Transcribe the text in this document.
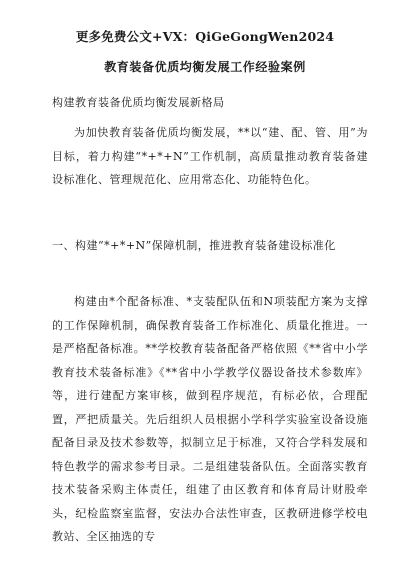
更多免费公文+VX：QiGeGongWen2024
教育装备优质均衡发展工作经验案例
构建教育装备优质均衡发展新格局
为加快教育装备优质均衡发展，**以“建、配、管、用”为目标，着力构建“*+*+N”工作机制，高质量推动教育装备建设标准化、管理规范化、应用常态化、功能特色化。
一、构建“*+*+N”保障机制，推进教育装备建设标准化
构建由*个配备标准、*支装配队伍和N项装配方案为支撑的工作保障机制，确保教育装备工作标准化、质量化推进。一是严格配备标准。**学校教育装备配备严格依照《**省中小学教育技术装备标准》《**省中小学教学仪器设备技术参数库》等，进行建配方案审核，做到程序规范，有标必依，合理配置，严把质量关。先后组织人员根据小学科学实验室设备设施配备目录及技术参数等，拟制立足于标准，又符合学科发展和特色教学的需求参考目录。二是组建装备队伍。全面落实教育技术装备采购主体责任，组建了由区教育和体育局计财股牵头，纪检监察室监督，安法办合法性审查，区教研进修学校电教站、全区抽选的专
